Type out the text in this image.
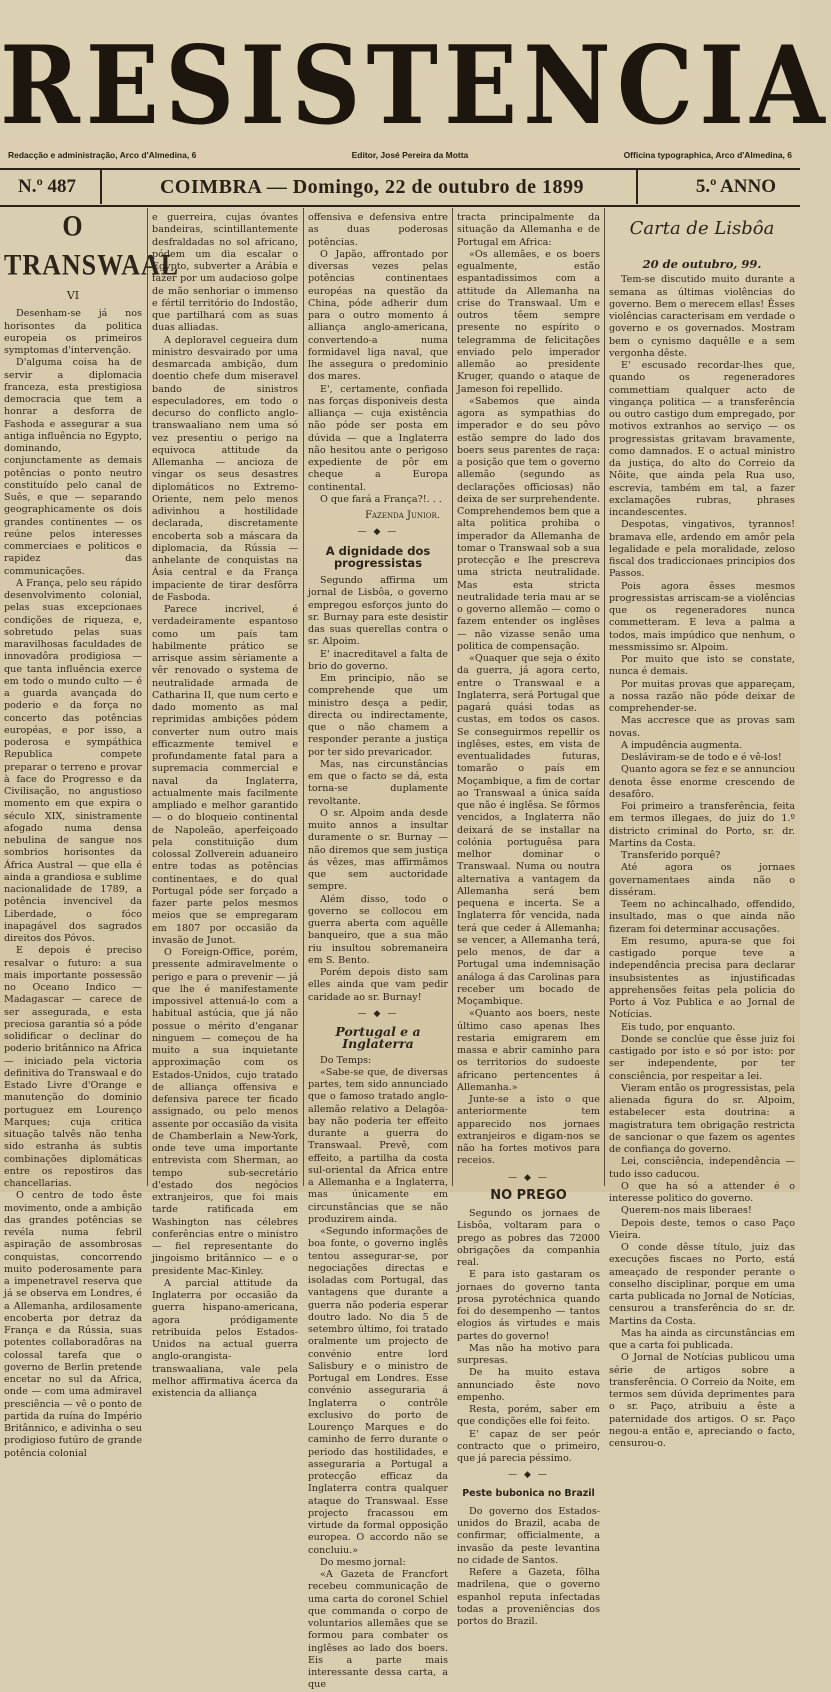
RESISTENCIA
Redacção e administração, Arco d'Almedina, 6	Editor, José Pereira da Motta	Officina typographica, Arco d'Almedina, 6
N.º 487	COIMBRA — Domingo, 22 de outubro de 1899	5.º ANNO
O TRANSWAAL
VI

Desenham-se já nos horisontes da politica europeia os primeiros symptomas d'intervenção.

D'alguma coisa ha de servir a diplomacia franceza, esta prestigiosa democracia que tem a honrar a desforra de Fashoda e assegurar a sua antiga influência no Egypto, dominando, conjunctamente as demais potências o ponto neutro constituído pelo canal de Suês, e que — separando geographicamente os dois grandes continentes — os reúne pelos interesses commerciaes e politicos e rapidez das communicações.

A França, pelo seu rápido desenvolvimento colonial, pelas suas excepcionaes condições de riqueza, e, sobretudo pelas suas maravilhosas faculdades de innovadôra prodigiosa — que tanta influência exerce em todo o mundo culto — é a guarda avançada do poderio e da força no concerto das potências européas, e por isso, a poderosa e sympáthica Republica compete preparar o terreno e provar à face do Progresso e da Civilisação, no angustioso momento em que expira o século XIX, sinistramente afogado numa densa nebulina de sangue nos sombrios horisontes da África Austral — que ella é ainda a grandiosa e sublime nacionalidade de 1789, a potência invencivel da Liberdade, o fóco inapagável dos sagrados direitos dos Póvos.

E depois é preciso resalvar o futuro: a sua mais importante possessão no Oceano Indico — Madagascar — carece de ser assegurada, e esta preciosa garantia só a póde solidificar o declinar do poderio britânnico na Africa — iniciado pela victoria definitiva do Transwaal e do Estado Livre d'Orange e manutenção do dominio portuguez em Lourenço Marques; cuja critica situação talvês não tenha sido estranha ás subtis combinações diplomáticas entre os repostiros das chancellarias.

O centro de todo êste movimento, onde a ambição das grandes potências se revéla numa febril aspiração de assombrosas conquistas, concorrendo muito poderosamente para a impenetravel reserva que já se observa em Londres, é a Allemanha, ardilosamente encoberta por detraz da França e da Rússia, suas potentes collaboradôras na colossal tarefa que o governo de Berlin pretende encetar no sul da Africa, onde — com uma admiravel presciência — vê o ponto de partida da ruína do Império Britânnico, e adivinha o seu prodigioso futúro de grande potência colonial

e guerreira, cujas óvantes bandeiras, scintillantemente desfraldadas no sol africano, pódem um dia escalar o Egypto, subverter a Arábia e fazer por um audacioso golpe de mão senhoriar o immenso e fértil território do Indostão, que partilhará com as suas duas alliadas.

A deploravel cegueira dum ministro desvairado por uma desmarcada ambição, dum doentio chefe dum miseravel bando de sinistros especuladores, em todo o decurso do conflicto anglo-transwaaliano nem uma só vez presentiu o perigo na equivoca attitude da Allemanha — ancioza de vingar os seus desastres diplomáticos no Extremo-Oriente, nem pelo menos adivinhou a hostilidade declarada, discretamente encoberta sob a máscara da diplomacia, da Rússia — anhelante de conquistas na Ásia central e da França impaciente de tirar desfôrra de Fasboda.

Parece incrivel, é verdadeiramente espantoso como um país tam habilmente prático se arrisque assim sèriamente a vêr renovado o systema de neutralidade armada de Catharina II, que num certo e dado momento as mal reprimidas ambições pódem converter num outro mais efficazmente temivel e profundamente fatal para a supremacia commercial e naval da Inglaterra, actualmente mais facilmente ampliado e melhor garantido — o do bloqueio continental de Napoleão, aperfeiçoado pela constituição dum colossal Zollverein aduaneiro entre todas as potências continentaes, e do qual Portugal póde ser forçado a fazer parte pelos mesmos meios que se empregaram em 1807 por occasião da invasão de Junot.

O Foreign-Office, porém, pressente admiravelmente o perigo e para o prevenir — já que lhe é manifestamente impossivel attenuá-lo com a habitual astúcia, que já não possue o mérito d'enganar ninguem — começou de ha muito a sua inquietante approximação com os Estados-Unidos, cujo tratado de alliança offensiva e defensiva parece ter ficado assignado, ou pelo menos assente por occasião da visita de Chamberlain a New-York, onde teve uma importante entrevista com Sherman, ao tempo sub-secretário d'estado dos negócios extranjeiros, que foi mais tarde ratificada em Washington nas célebres conferências entre o ministro — fiel representante do jingoismo britânnico — e o presidente Mac-Kinley.

A parcial attitude da Inglaterra por occasião da guerra hispano-americana, agora pródigamente retribuida pelos Estados-Unidos na actual guerra anglo-orangista-transwaaliana, vale pela melhor affirmativa ácerca da existencia da alliança

offensiva e defensiva entre as duas poderosas potências.

O Japão, affrontado por diversas vezes pelas potências continentaes européas na questão da China, póde adherir dum para o outro momento á alliança anglo-americana, convertendo-a numa formidavel liga naval, que lhe assegura o predominio dos mares.

E', certamente, confiada nas forças disponiveis desta alliança — cuja existência não póde ser posta em dúvida — que a Inglaterra não hesitou ante o perigoso expediente de pôr em cheque a Europa continental.

O que fará a França?!. . .

Fazenda Junior.
— ◆ —
A dignidade dos progressistas

Segundo affirma um jornal de Lisbôa, o governo empregou esforços junto do sr. Burnay para este desistir das suas querellas contra o sr. Alpoim.

E' inacreditavel a falta de brio do governo.

Em principio, não se comprehende que um ministro desça a pedir, directa ou indirectamente, que o não chamem a responder perante a justiça por ter sido prevaricador.

Mas, nas circunstâncias em que o facto se dá, esta torna-se duplamente revoltante.

O sr. Alpoim anda desde muito annos a insultar duramente o sr. Burnay — não diremos que sem justiça ás vêzes, mas affirmâmos que sem auctoridade sempre.

Além disso, todo o governo se collocou em guerra aberta com aquêlle banqueiro, que a sua mão riu insultou sobremaneira em S. Bento.

Porém depois disto sam elles ainda que vam pedir caridade ao sr. Burnay!

— ◆ —
Portugal e a Inglaterra

Do Temps:

«Sabe-se que, de diversas partes, tem sido annunciado que o famoso tratado anglo-allemão relativo a Delagôa-bay não poderia ter effeito durante a guerra do Transwaal. Prevê, com effeito, a partilha da costa sul-oriental da Africa entre a Allemanha e a Inglaterra, mas únicamente em circunstâncias que se não produzirem ainda.

«Segundo informações de boa fonte, o governo inglês tentou assegurar-se, por negociações directas e isoladas com Portugal, das vantagens que durante a guerra não poderia esperar doutro lado. No dia 5 de setembro último, foi tratado oralmente um projecto de convénio entre lord Salisbury e o ministro de Portugal em Londres. Esse convénio asseguraria á Inglaterra o contrôle exclusivo do porto de Lourenço Marques e do caminho de ferro durante o periodo das hostilidades, e asseguraria a Portugal a protecção efficaz da Inglaterra contra qualquer ataque do Transwaal. Esse projecto fracassou em virtude da formal opposição europea. O accordo não se concluiu.»

Do mesmo jornal:

«A Gazeta de Francfort recebeu communicação de uma carta do coronel Schiel que commanda o corpo de voluntarios allemães que se formou para combater os inglêses ao lado dos boers. Eis a parte mais interessante dessa carta, a que

tracta principalmente da situação da Allemanha e de Portugal em Africa:

«Os allemães, e os boers egualmente, estão espantadissimos com a attitude da Allemanha na crise do Transwaal. Um e outros têem sempre presente no espírito o telegramma de felicitações enviado pelo imperador allemão ao presidente Kruger, quando o ataque de Jameson foi repellido.

«Sabemos que ainda agora as sympathias do imperador e do seu pôvo estão sempre do lado dos boers seus parentes de raça: a posição que tem o governo allemão (segundo as declarações officiosas) não deixa de ser surprehendente. Comprehendemos bem que a alta politica prohiba o imperador da Allemanha de tomar o Transwaal sob a sua protecção e lhe prescreva uma stricta neutralidade. Mas esta stricta neutralidade teria mau ar se o governo allemão — como o fazem entender os inglêses — não vizasse senão uma politica de compensação.

«Quaquer que seja o éxito da guerra, já agora certo, entre o Transwaal e a Inglaterra, será Portugal que pagará quási todas as custas, em todos os casos. Se conseguirmos repellir os inglêses, estes, em vista de eventualidades futuras, tomarão o país em Moçambique, a fim de cortar ao Transwaal a única saída que não é inglêsa. Se fôrmos vencidos, a Inglaterra não deixará de se installar na colónia portuguêsa para melhor dominar o Transwaal. Numa ou noutra alternativa a vantagem da Allemanha será bem pequena e incerta. Se a Inglaterra fôr vencida, nada terá que ceder á Allemanha; se vencer, a Allemanha terá, pelo menos, de dar a Portugal uma indemnisação análoga á das Carolinas para receber um bocado de Moçambique.

«Quanto aos boers, neste último caso apenas lhes restaria emigrarem em massa e abrir caminho para os territorios do sudoeste africano pertencentes á Allemanha.»

Junte-se a isto o que anteriormente tem apparecido nos jornaes extranjeiros e digam-nos se não ha fortes motivos para receios.

— ◆ —
NO PREGO

Segundo os jornaes de Lisbôa, voltaram para o prego as pobres das 72000 obrigações da companhia real.

E para isto gastaram os jornaes do governo tanta prosa pyrotéchnica quando foi do desempenho — tantos elogios ás virtudes e mais partes do governo!

Mas não ha motivo para surpresas.

De ha muito estava annunciado êste novo empenho.

Resta, porém, saber em que condições elle foi feito.

E' capaz de ser peór contracto que o primeiro, que já parecia péssimo.

— ◆ —
Peste bubonica no Brazil

Do governo dos Estados-unidos do Brazil, acaba de confirmar, officialmente, a invasão da peste levantina no cidade de Santos.

Refere a Gazeta, fôlha madrilena, que o governo espanhol reputa infectadas todas a proveniências dos portos do Brazil.

Carta de Lisbôa
20 de outubro, 99.

Tem-se discutido muito durante a semana as últimas violências do governo. Bem o merecem ellas! Êsses violências caracterisam em verdade o governo e os governados. Mostram bem o cynismo daquêlle e a sem vergonha dêste.

E' escusado recordar-lhes que, quando os regeneradores commettiam qualquer acto de vingança politica — a transferência ou outro castigo dum empregado, por motivos extranhos ao serviço — os progressistas gritavam bravamente, como damnados. E o actual ministro da justiça, do alto do Correio da Nôite, que ainda pela Rua uso, escrevia, também em tal, a fazer exclamações rubras, phrases incandescentes.

Despotas, vingativos, tyrannos! bramava elle, ardendo em amôr pela legalidade e pela moralidade, zeloso fiscal dos tradiccionaes principios dos Passos.

Pois agora êsses mesmos progressistas arriscam-se a violências que os regeneradores nunca commetteram. E leva a palma a todos, mais impúdico que nenhum, o messmissimo sr. Alpoim.

Por muito que isto se constate, nunca é demais.

Por muitas provas que appareçam, a nossa razão não póde deixar de comprehender-se.

Mas accresce que as provas sam novas.

A impudência augmenta.

Desláviram-se de todo e é vê-los!

Quanto agora se fez e se annunciou denota êsse enorme crescendo de desafôro.

Foi primeiro a transferência, feita em termos illegaes, do juiz do 1.º districto criminal do Porto, sr. dr. Martins da Costa.

Transferido porquê?

Até agora os jornaes governamentaes ainda não o disséram.

Teem no achincalhado, offendido, insultado, mas o que ainda não fizeram foi determinar accusações.

Em resumo, apura-se que foi castigado porque teve a independência precisa para declarar insubsistentes as injustificadas apprehensões feitas pela policia do Porto á Voz Publica e ao Jornal de Notícias.

Eis tudo, por enquanto.

Donde se conclúe que êsse juiz foi castigado por isto e só por isto: por ser independente, por ter consciência, por respeitar a lei.

Vieram então os progressistas, pela alienada figura do sr. Alpoim, estabelecer esta doutrina: a magistratura tem obrigação restricta de sancionar o que fazem os agentes de confiança do governo.

Lei, consciência, independência — tudo isso caducou.

O que ha só a attender é o interesse politico do governo.

Querem-nos mais liberaes!

Depois deste, temos o caso Paço Vieira.

O conde dêsse título, juiz das execuções fiscaes no Porto, está ameaçado de responder perante o conselho disciplinar, porque em uma carta publicada no Jornal de Notícias, censurou a transferência do sr. dr. Martins da Costa.

Mas ha ainda as circunstâncias em que a carta foi publicada.

O Jornal de Notícias publicou uma série de artigos sobre a transferência. O Correio da Noite, em termos sem dúvida deprimentes para o sr. Paço, atribuiu a êste a paternidade dos artigos. O sr. Paço negou-a então e, apreciando o facto, censurou-o.
